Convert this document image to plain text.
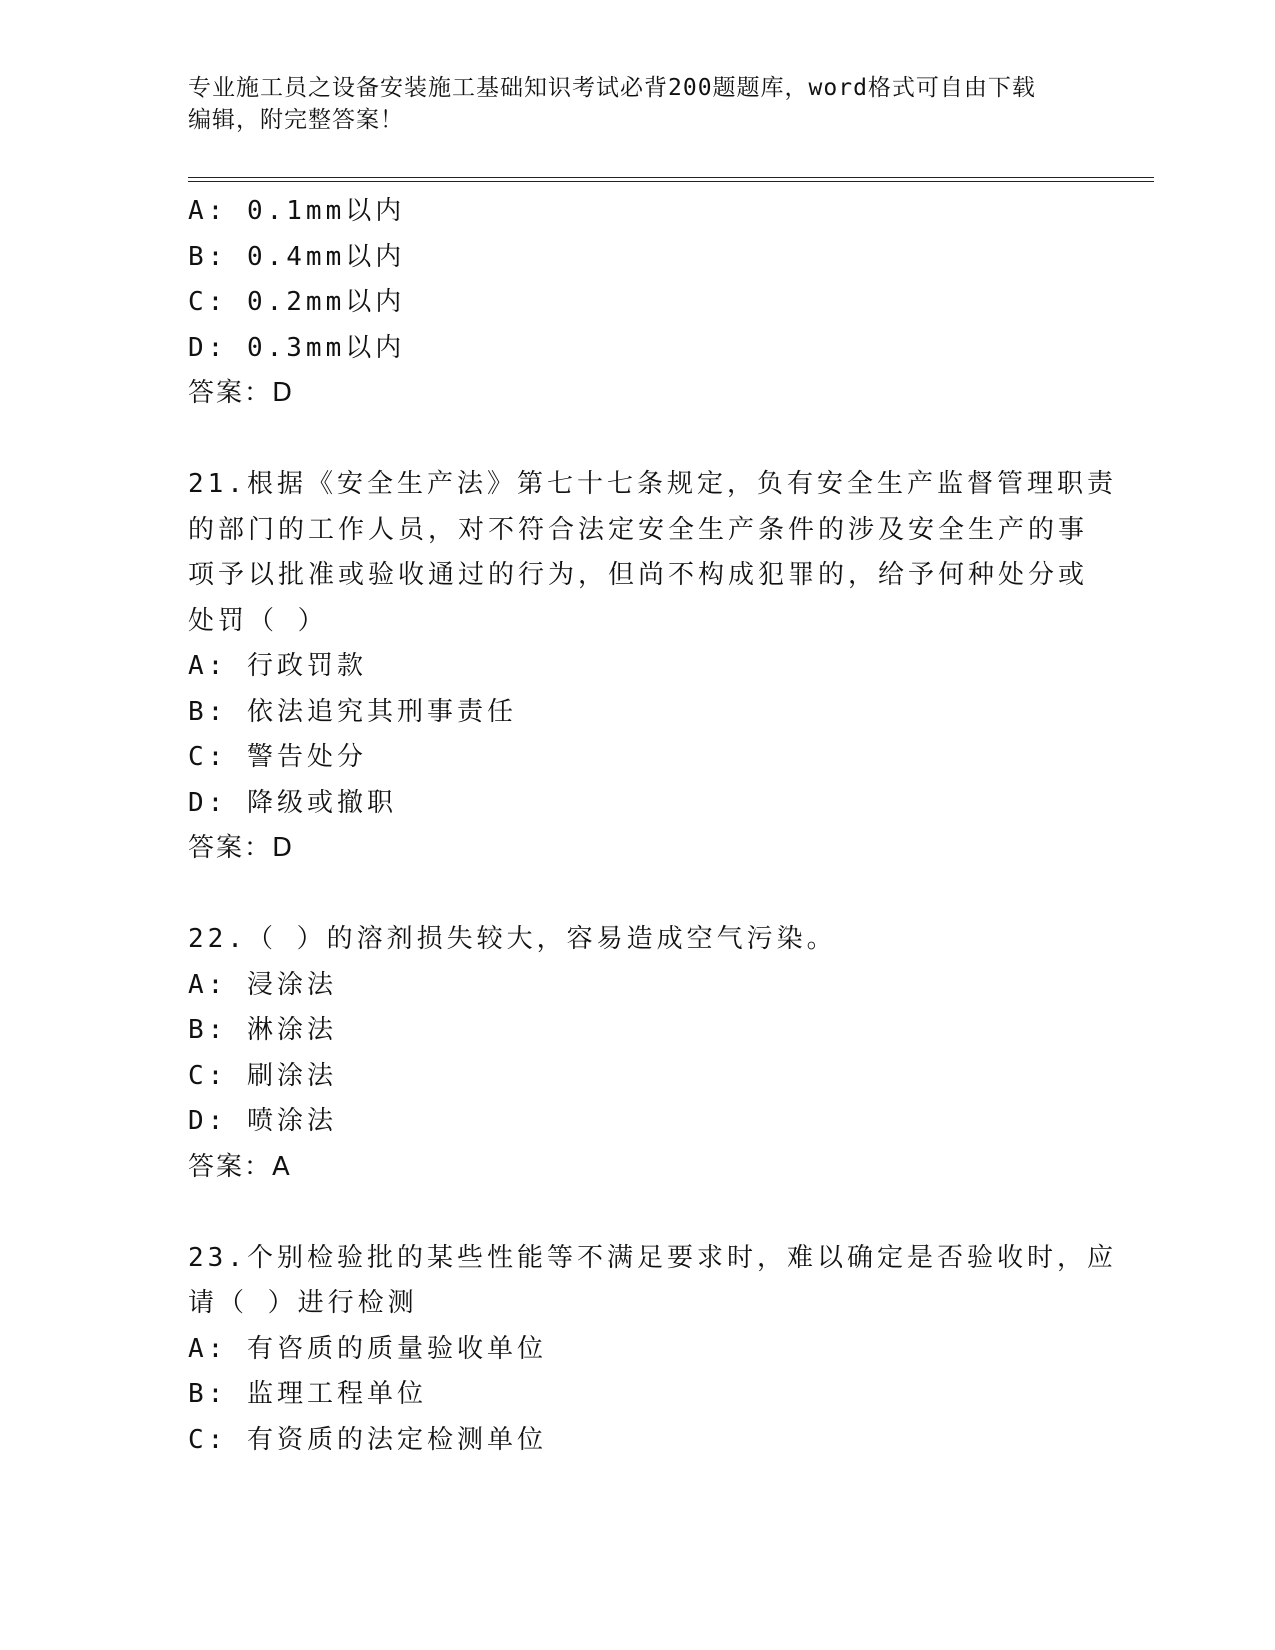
专业施工员之设备安装施工基础知识考试必背200题题库，word格式可自由下载
编辑，附完整答案！
A: 0.1mm以内
B: 0.4mm以内
C: 0.2mm以内
D: 0.3mm以内
答案：D
21.根据《安全生产法》第七十七条规定，负有安全生产监督管理职责
的部门的工作人员，对不符合法定安全生产条件的涉及安全生产的事
项予以批准或验收通过的行为，但尚不构成犯罪的，给予何种处分或
处罚（ ）
A: 行政罚款
B: 依法追究其刑事责任
C: 警告处分
D: 降级或撤职
答案：D
22.（ ）的溶剂损失较大，容易造成空气污染。
A: 浸涂法
B: 淋涂法
C: 刷涂法
D: 喷涂法
答案：A
23.个别检验批的某些性能等不满足要求时，难以确定是否验收时，应
请（ ）进行检测
A: 有咨质的质量验收单位
B: 监理工程单位
C: 有资质的法定检测单位
